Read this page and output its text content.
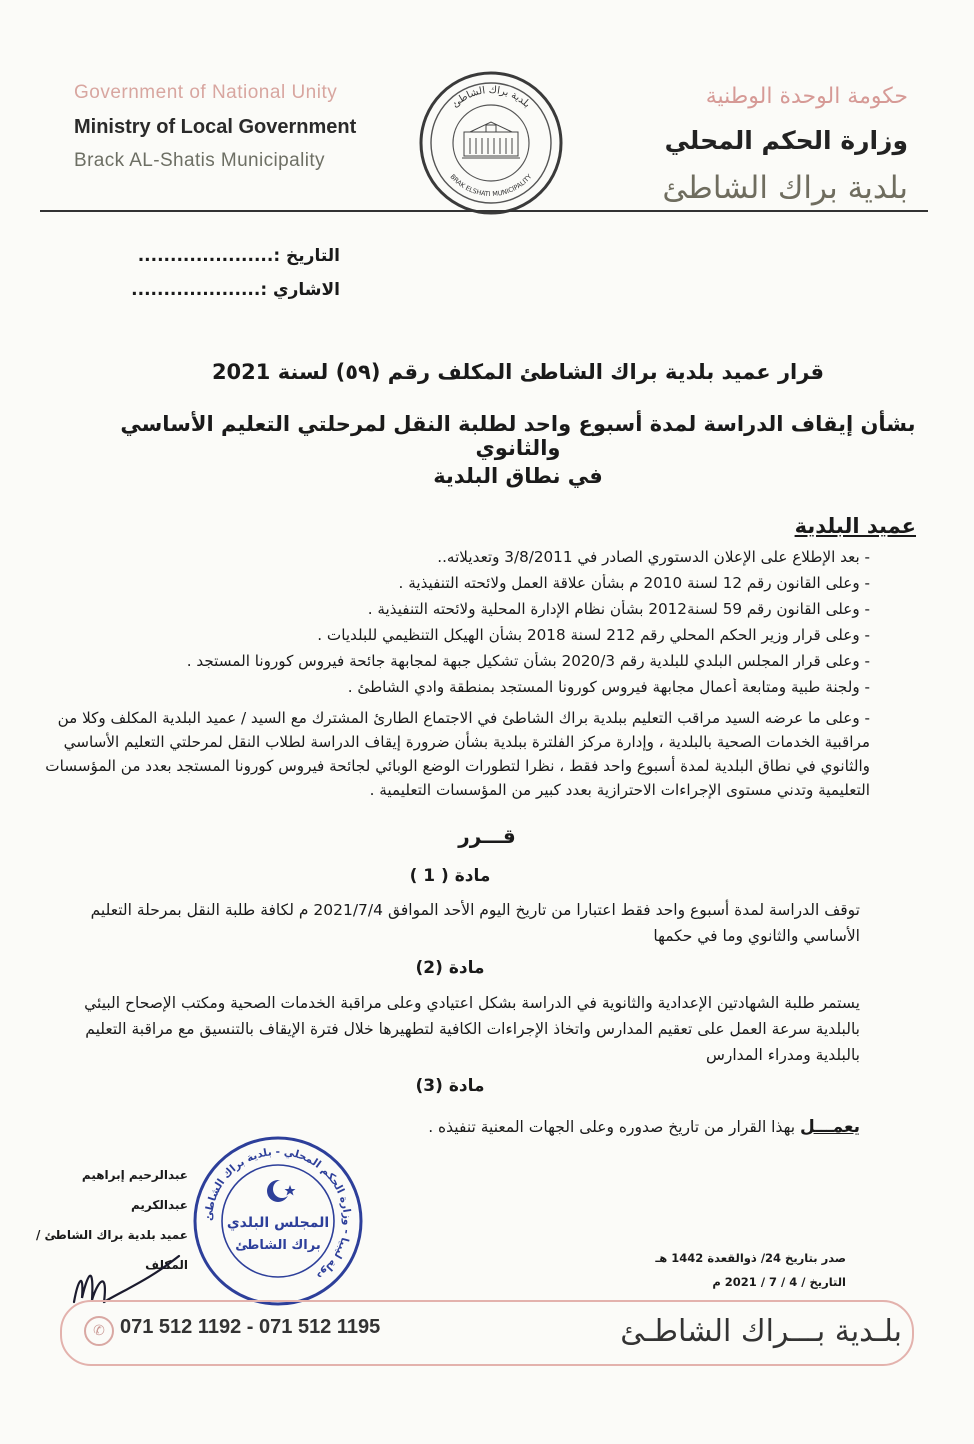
Government of National Unity
Ministry of Local Government
Brack AL-Shatis Municipality
بلدية براك الشاطئ
BRAK ELSHATI MUNICIPALITY
حكومة الوحدة الوطنية
وزارة الحكم المحلي
بلدية براك الشاطئ
التاريخ :.....................
الاشاري :....................
قرار عميد بلدية براك الشاطئ المكلف رقم (٥٩) لسنة 2021
بشأن إيقاف الدراسة لمدة أسبوع واحد لطلبة النقل لمرحلتي التعليم الأساسي والثانوي
في نطاق البلدية
عميد البلدية
- بعد الإطلاع على الإعلان الدستوري الصادر في 3/8/2011 وتعديلاته..
- وعلى القانون رقم 12 لسنة 2010 م بشأن علاقة العمل ولائحته التنفيذية .
- وعلى القانون رقم 59 لسنة2012 بشأن نظام الإدارة المحلية ولائحته التنفيذية .
- وعلى قرار وزير الحكم المحلي رقم 212 لسنة 2018 بشأن الهيكل التنظيمي للبلديات .
- وعلى قرار المجلس البلدي للبلدية رقم 2020/3 بشأن تشكيل جبهة لمجابهة جائحة فيروس كورونا المستجد .
- ولجنة طبية ومتابعة أعمال مجابهة فيروس كورونا المستجد بمنطقة وادي الشاطئ .
- وعلى ما عرضه السيد مراقب التعليم ببلدية براك الشاطئ في الاجتماع الطارئ المشترك مع السيد / عميد البلدية المكلف وكلا من مراقبية الخدمات الصحية بالبلدية ، وإدارة مركز الفلترة ببلدية بشأن ضرورة إيقاف الدراسة لطلاب النقل لمرحلتي التعليم الأساسي والثانوي في نطاق البلدية لمدة أسبوع واحد فقط ، نظرا لتطورات الوضع الوبائي لجائحة فيروس كورونا المستجد بعدد من المؤسسات التعليمية وتدني مستوى الإجراءات الاحترازية بعدد كبير من المؤسسات التعليمية .
قـــرر
مادة ( 1 )
توقف الدراسة لمدة أسبوع واحد فقط اعتبارا من تاريخ اليوم الأحد الموافق 2021/7/4 م لكافة طلبة النقل بمرحلة التعليم الأساسي والثانوي وما في حكمها
مادة (2)
يستمر طلبة الشهادتين الإعدادية والثانوية في الدراسة بشكل اعتيادي وعلى مراقبة الخدمات الصحية ومكتب الإصحاح البيئي بالبلدية سرعة العمل على تعقيم المدارس واتخاذ الإجراءات الكافية لتطهيرها خلال فترة الإيقاف بالتنسيق مع مراقبة التعليم بالبلدية ومدراء المدارس
مادة (3)
يعمـــل بهذا القرار من تاريخ صدوره وعلى الجهات المعنية تنفيذه .
عبدالرحيم إبراهيم عبدالكريم
عميد بلدية براك الشاطئ / المكلف
دولة ليبيا - وزارة الحكم المحلي - بلدية براك الشاطئ
المجلس البلدي
براك الشاطئ
صدر بتاريخ 24/ ذوالقعدة 1442 هـ
التاريخ / 4 / 7 / 2021 م
✆ 071 512 1192 - 071 512 1195	بلـدية بـــراك الشاطـئ
